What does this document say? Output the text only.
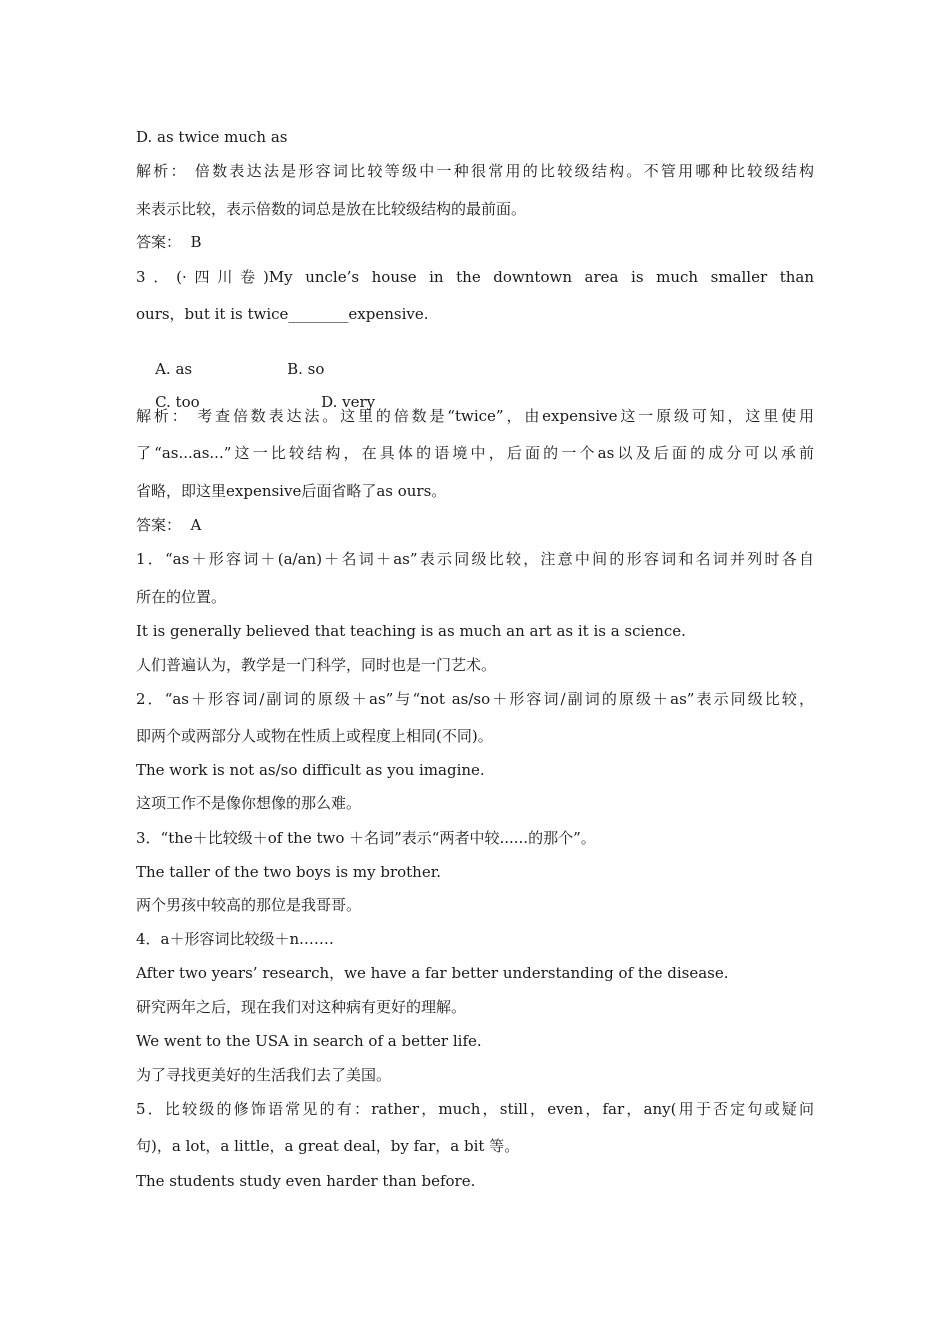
D. as twice much as
解析： 倍数表达法是形容词比较等级中一种很常用的比较级结构。不管用哪种比较级结构
来表示比较，表示倍数的词总是放在比较级结构的最前面。
答案：  B
3．(·四川卷)My uncle’s house in the downtown area is much smaller than
ours，but it is twice________expensive.

A. as	B. so

C. too	D. very

解析： 考查倍数表达法。这里的倍数是“twice”，由expensive这一原级可知，这里使用
了“as...as...”这一比较结构，在具体的语境中，后面的一个as以及后面的成分可以承前
省略，即这里expensive后面省略了as ours。
答案：  A
1．“as＋形容词＋(a/an)＋名词＋as”表示同级比较，注意中间的形容词和名词并列时各自
所在的位置。
It is generally believed that teaching is as much an art as it is a science.
人们普遍认为，教学是一门科学，同时也是一门艺术。
2．“as＋形容词/副词的原级＋as”与“not as/so＋形容词/副词的原级＋as”表示同级比较，
即两个或两部分人或物在性质上或程度上相同(不同)。
The work is not as/so difficult as you imagine.
这项工作不是像你想像的那么难。
3．“the＋比较级＋of the two ＋名词”表示“两者中较......的那个”。
The taller of the two boys is my brother.
两个男孩中较高的那位是我哥哥。
4．a＋形容词比较级＋n.……
After two years’ research，we have a far better understanding of the disease.
研究两年之后，现在我们对这种病有更好的理解。
We went to the USA in search of a better life.
为了寻找更美好的生活我们去了美国。
5．比较级的修饰语常见的有：rather，much，still，even，far，any(用于否定句或疑问
句)，a lot，a little，a great deal，by far，a bit 等。
The students study even harder than before.
